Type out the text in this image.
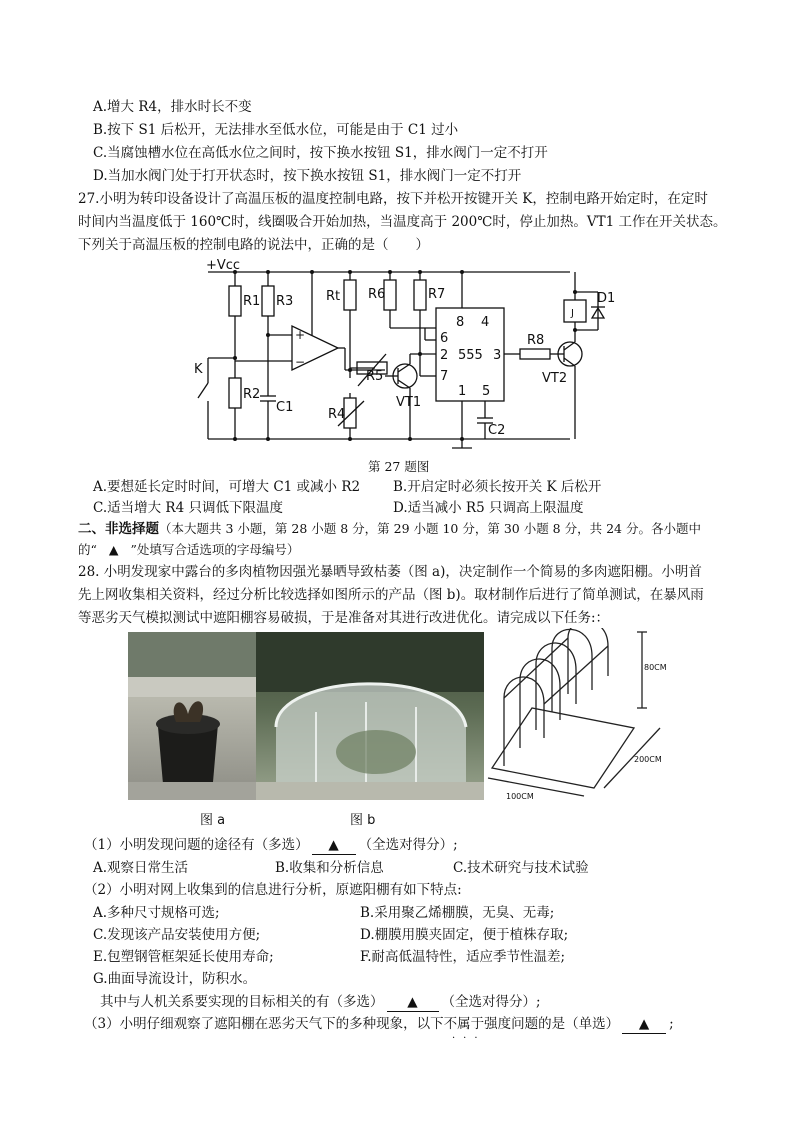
A.增大 R4，排水时长不变
B.按下 S1 后松开，无法排水至低水位，可能是由于 C1 过小
C.当腐蚀槽水位在高低水位之间时，按下换水按钮 S1，排水阀门一定不打开
D.当加水阀门处于打开状态时，按下换水按钮 S1，排水阀门一定不打开
27.小明为转印设备设计了高温压板的温度控制电路，按下并松开按键开关 K，控制电路开始定时，在定时
时间内当温度低于 160℃时，线圈吸合开始加热，当温度高于 200℃时，停止加热。VT1 工作在开关状态。
下列关于高温压板的控制电路的说法中，正确的是（　　）
+Vcc
R1 R3	Rt R6	R7	D1
J
K
R2
C1
R5
R4
VT1
R8
VT2
C2
555
8 4
6
2	3
7
1 5
+
−
第 27 题图
A.要想延长定时时间，可增大 C1 或减小 R2 B.开启定时必须长按开关 K 后松开
C.适当增大 R4 只调低下限温度	D.适当减小 R5 只调高上限温度
二、非选择题（本大题共 3 小题，第 28 小题 8 分，第 29 小题 10 分，第 30 小题 8 分，共 24 分。各小题中
的“ ▲ ”处填写合适选项的字母编号）
28. 小明发现家中露台的多肉植物因强光暴晒导致枯萎（图 a)，决定制作一个简易的多肉遮阳棚。小明首
先上网收集相关资料，经过分析比较选择如图所示的产品（图 b)。取材制作后进行了简单测试，在暴风雨
等恶劣天气模拟测试中遮阳棚容易破损，于是准备对其进行改进优化。请完成以下任务:：
80CM
200CM
100CM
图 a	图 b
（1）小明发现问题的途径有（多选） ▲ （全选对得分）;
A.观察日常生活	B.收集和分析信息	C.技术研究与技术试验
（2）小明对网上收集到的信息进行分析，原遮阳棚有如下特点:
A.多种尺寸规格可选;	B.采用聚乙烯棚膜，无臭、无毒;
C.发现该产品安装使用方便;	D.棚膜用膜夹固定，便于植株存取;
E.包塑钢管框架延长使用寿命;	F.耐高低温特性，适应季节性温差;
G.曲面导流设计，防积水。
其中与人机关系要实现的目标相关的有（多选） ▲ （全选对得分）;
（3）小明仔细观察了遮阳棚在恶劣天气下的多种现象，以下不属于强度问题的是（单选） ▲ ;
···
